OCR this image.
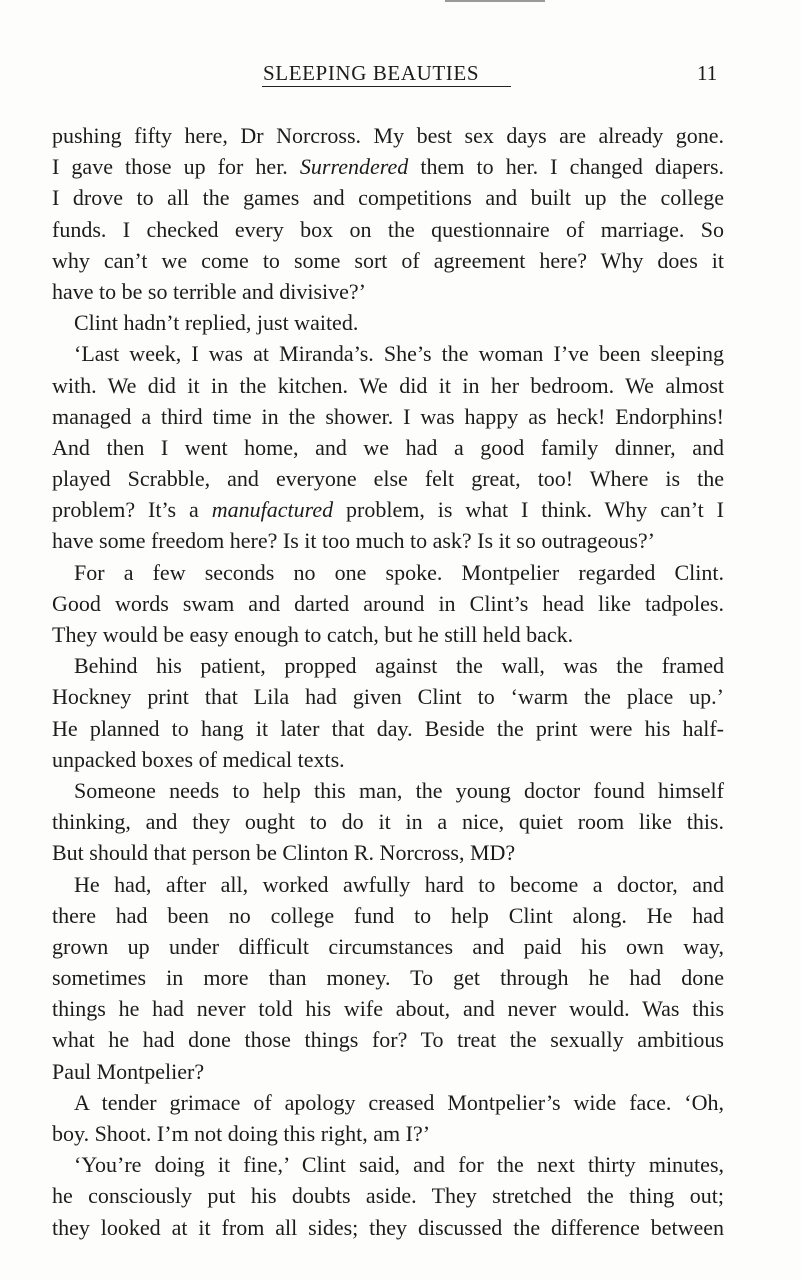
SLEEPING BEAUTIES	11
pushing fifty here, Dr Norcross. My best sex days are already gone.
I gave those up for her. Surrendered them to her. I changed diapers.
I drove to all the games and competitions and built up the college
funds. I checked every box on the questionnaire of marriage. So
why can’t we come to some sort of agreement here? Why does it
have to be so terrible and divisive?’
Clint hadn’t replied, just waited.
‘Last week, I was at Miranda’s. She’s the woman I’ve been sleeping
with. We did it in the kitchen. We did it in her bedroom. We almost
managed a third time in the shower. I was happy as heck! Endorphins!
And then I went home, and we had a good family dinner, and
played Scrabble, and everyone else felt great, too! Where is the
problem? It’s a manufactured problem, is what I think. Why can’t I
have some freedom here? Is it too much to ask? Is it so outrageous?’
For a few seconds no one spoke. Montpelier regarded Clint.
Good words swam and darted around in Clint’s head like tadpoles.
They would be easy enough to catch, but he still held back.
Behind his patient, propped against the wall, was the framed
Hockney print that Lila had given Clint to ‘warm the place up.’
He planned to hang it later that day. Beside the print were his half-
unpacked boxes of medical texts.
Someone needs to help this man, the young doctor found himself
thinking, and they ought to do it in a nice, quiet room like this.
But should that person be Clinton R. Norcross, MD?
He had, after all, worked awfully hard to become a doctor, and
there had been no college fund to help Clint along. He had
grown up under difficult circumstances and paid his own way,
sometimes in more than money. To get through he had done
things he had never told his wife about, and never would. Was this
what he had done those things for? To treat the sexually ambitious
Paul Montpelier?
A tender grimace of apology creased Montpelier’s wide face. ‘Oh,
boy. Shoot. I’m not doing this right, am I?’
‘You’re doing it fine,’ Clint said, and for the next thirty minutes,
he consciously put his doubts aside. They stretched the thing out;
they looked at it from all sides; they discussed the difference between
